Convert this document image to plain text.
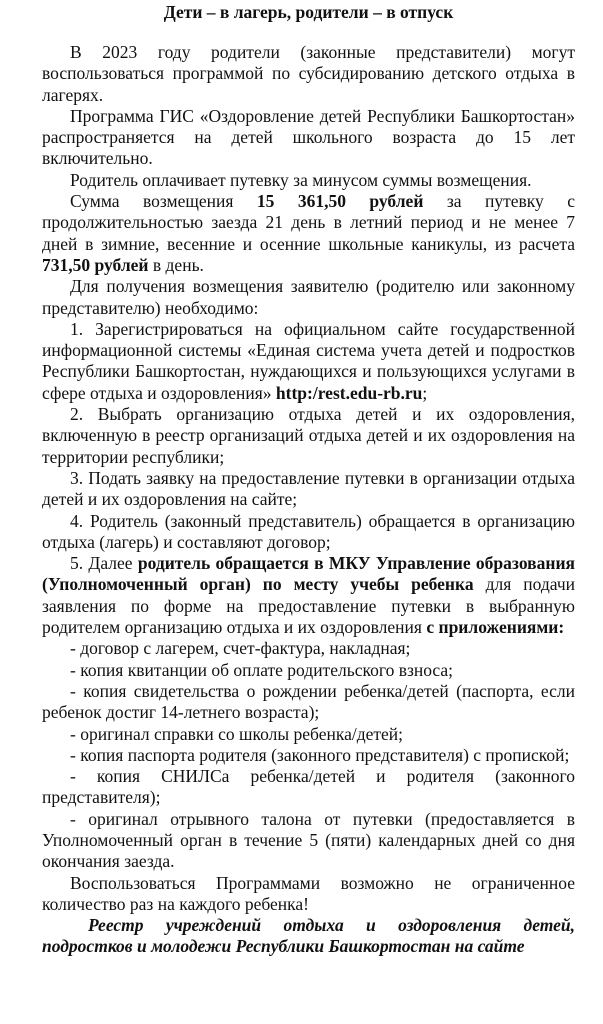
Дети – в лагерь, родители – в отпуск

В 2023 году родители (законные представители) могут воспользоваться программой по субсидированию детского отдыха в лагерях.

Программа ГИС «Оздоровление детей Республики Башкортостан» распространяется на детей школьного возраста до 15 лет включительно.

Родитель оплачивает путевку за минусом суммы возмещения.

Сумма возмещения 15 361,50 рублей за путевку с продолжительностью заезда 21 день в летний период и не менее 7 дней в зимние, весенние и осенние школьные каникулы, из расчета 731,50 рублей в день.

Для получения возмещения заявителю (родителю или законному представителю) необходимо:

1. Зарегистрироваться на официальном сайте государственной информационной системы «Единая система учета детей и подростков Республики Башкортостан, нуждающихся и пользующихся услугами в сфере отдыха и оздоровления» http:/rest.edu-rb.ru;

2. Выбрать организацию отдыха детей и их оздоровления, включенную в реестр организаций отдыха детей и их оздоровления на территории республики;

3. Подать заявку на предоставление путевки в организации отдыха детей и их оздоровления на сайте;

4. Родитель (законный представитель) обращается в организацию отдыха (лагерь) и составляют договор;

5. Далее родитель обращается в МКУ Управление образования (Уполномоченный орган) по месту учебы ребенка для подачи заявления по форме на предоставление путевки в выбранную родителем организацию отдыха и их оздоровления с приложениями:

- договор с лагерем, счет-фактура, накладная;

- копия квитанции об оплате родительского взноса;

- копия свидетельства о рождении ребенка/детей (паспорта, если ребенок достиг 14-летнего возраста);

- оригинал справки со школы ребенка/детей;

- копия паспорта родителя (законного представителя) с пропиской;

- копия СНИЛСа ребенка/детей и родителя (законного представителя);

- оригинал отрывного талона от путевки (предоставляется в Уполномоченный орган в течение 5 (пяти) календарных дней со дня окончания заезда.

Воспользоваться Программами возможно не ограниченное количество раз на каждого ребенка!

Реестр учреждений отдыха и оздоровления детей, подростков и молодежи Республики Башкортостан на сайте
